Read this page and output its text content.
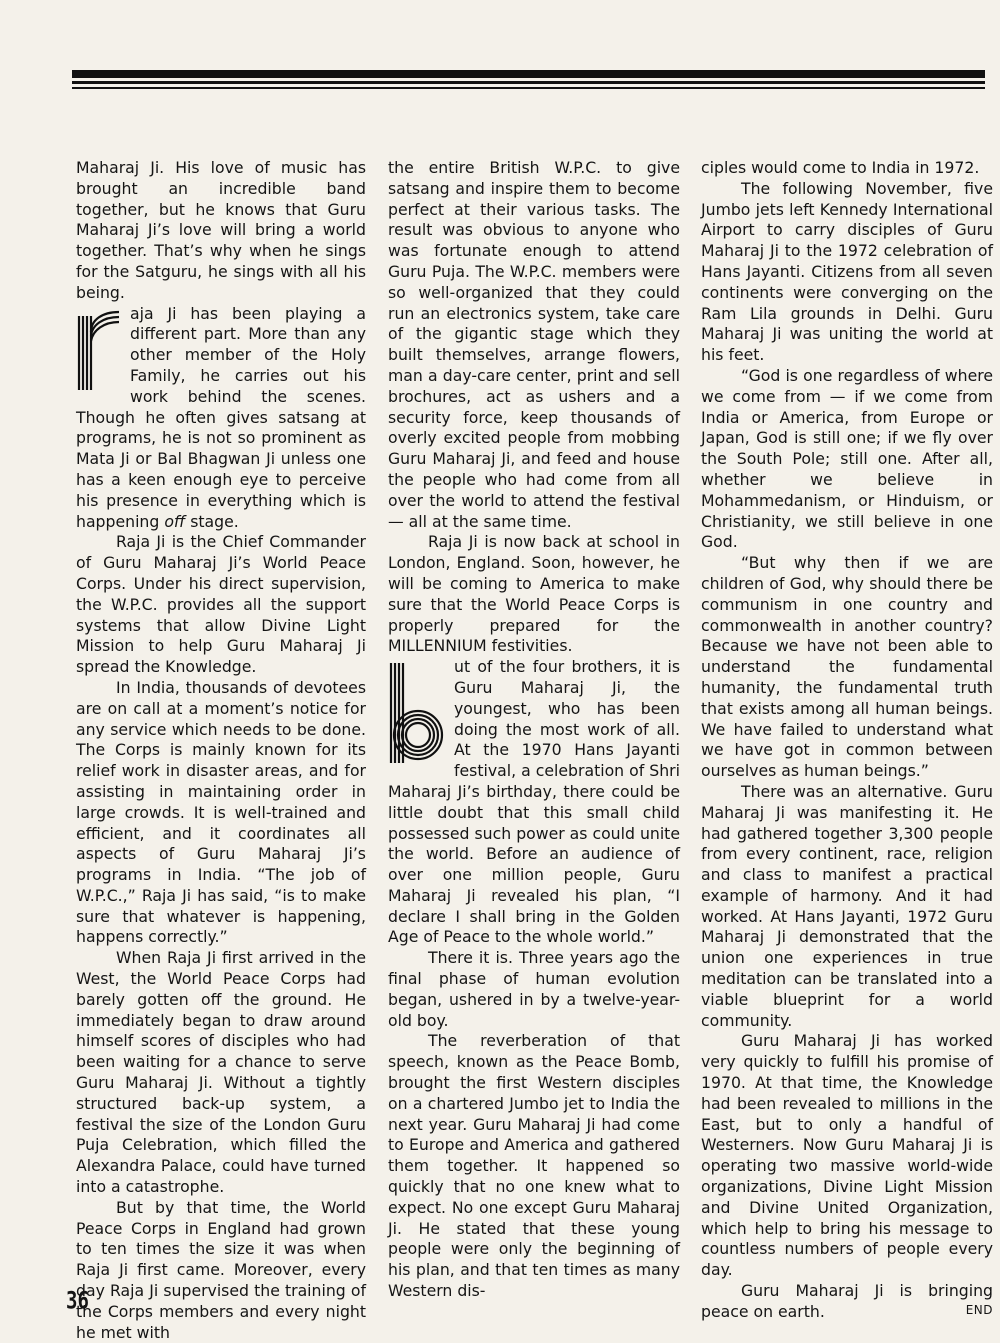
Maharaj Ji. His love of music has brought an incredible band together, but he knows that Guru Maharaj Ji’s love will bring a world together. That’s why when he sings for the Satguru, he sings with all his being.

r	aja Ji has been playing a different part. More than any other member of the Holy Family, he carries out his work behind the scenes. Though he often gives satsang at programs, he is not so prominent as Mata Ji or Bal Bhagwan Ji unless one has a keen enough eye to perceive his presence in everything which is happening off stage.

Raja Ji is the Chief Commander of Guru Maharaj Ji’s World Peace Corps. Under his direct supervision, the W.P.C. provides all the support systems that allow Divine Light Mission to help Guru Maharaj Ji spread the Knowledge.

In India, thousands of devotees are on call at a moment’s notice for any service which needs to be done. The Corps is mainly known for its relief work in disaster areas, and for assisting in maintaining order in large crowds. It is well-trained and efficient, and it coordinates all aspects of Guru Maharaj Ji’s programs in India. “The job of W.P.C.,” Raja Ji has said, “is to make sure that whatever is happening, happens correctly.”

When Raja Ji first arrived in the West, the World Peace Corps had barely gotten off the ground. He immediately began to draw around himself scores of disciples who had been waiting for a chance to serve Guru Maharaj Ji. Without a tightly structured back-up system, a festival the size of the London Guru Puja Celebration, which filled the Alexandra Palace, could have turned into a catastrophe.

But by that time, the World Peace Corps in England had grown to ten times the size it was when Raja Ji first came. Moreover, every day Raja Ji supervised the training of the Corps members and every night he met with

the entire British W.P.C. to give satsang and inspire them to become perfect at their various tasks. The result was obvious to anyone who was fortunate enough to attend Guru Puja. The W.P.C. members were so well-organized that they could run an electronics system, take care of the gigantic stage which they built themselves, arrange flowers, man a day-care center, print and sell brochures, act as ushers and a security force, keep thousands of overly excited people from mobbing Guru Maharaj Ji, and feed and house the people who had come from all over the world to attend the festival — all at the same time.

Raja Ji is now back at school in London, England. Soon, however, he will be coming to America to make sure that the World Peace Corps is properly prepared for the MILLENNIUM festivities.

b	ut of the four brothers, it is Guru Maharaj Ji, the youngest, who has been doing the most work of all. At the 1970 Hans Jayanti festival, a celebration of Shri Maharaj Ji’s birthday, there could be little doubt that this small child possessed such power as could unite the world. Before an audience of over one million people, Guru Maharaj Ji revealed his plan, “I declare I shall bring in the Golden Age of Peace to the whole world.”

There it is. Three years ago the final phase of human evolution began, ushered in by a twelve-year-old boy.

The reverberation of that speech, known as the Peace Bomb, brought the first Western disciples on a chartered Jumbo jet to India the next year. Guru Maharaj Ji had come to Europe and America and gathered them together. It happened so quickly that no one knew what to expect. No one except Guru Maharaj Ji. He stated that these young people were only the beginning of his plan, and that ten times as many Western dis-

ciples would come to India in 1972.

The following November, five Jumbo jets left Kennedy International Airport to carry disciples of Guru Maharaj Ji to the 1972 celebration of Hans Jayanti. Citizens from all seven continents were converging on the Ram Lila grounds in Delhi. Guru Maharaj Ji was uniting the world at his feet.

“God is one regardless of where we come from — if we come from India or America, from Europe or Japan, God is still one; if we fly over the South Pole; still one. After all, whether we believe in Mohammedanism, or Hinduism, or Christianity, we still believe in one God.

“But why then if we are children of God, why should there be communism in one country and commonwealth in another country? Because we have not been able to understand the fundamental humanity, the fundamental truth that exists among all human beings. We have failed to understand what we have got in common between ourselves as human beings.”

There was an alternative. Guru Maharaj Ji was manifesting it. He had gathered together 3,300 people from every continent, race, religion and class to manifest a practical example of harmony. And it had worked. At Hans Jayanti, 1972 Guru Maharaj Ji demonstrated that the union one experiences in true meditation can be translated into a viable blueprint for a world community.

Guru Maharaj Ji has worked very quickly to fulfill his promise of 1970. At that time, the Knowledge had been revealed to millions in the East, but to only a handful of Westerners. Now Guru Maharaj Ji is operating two massive world-wide organizations, Divine Light Mission and Divine United Organization, which help to bring his message to countless numbers of people every day.

Guru Maharaj Ji is bringing peace on earth.	END

36
